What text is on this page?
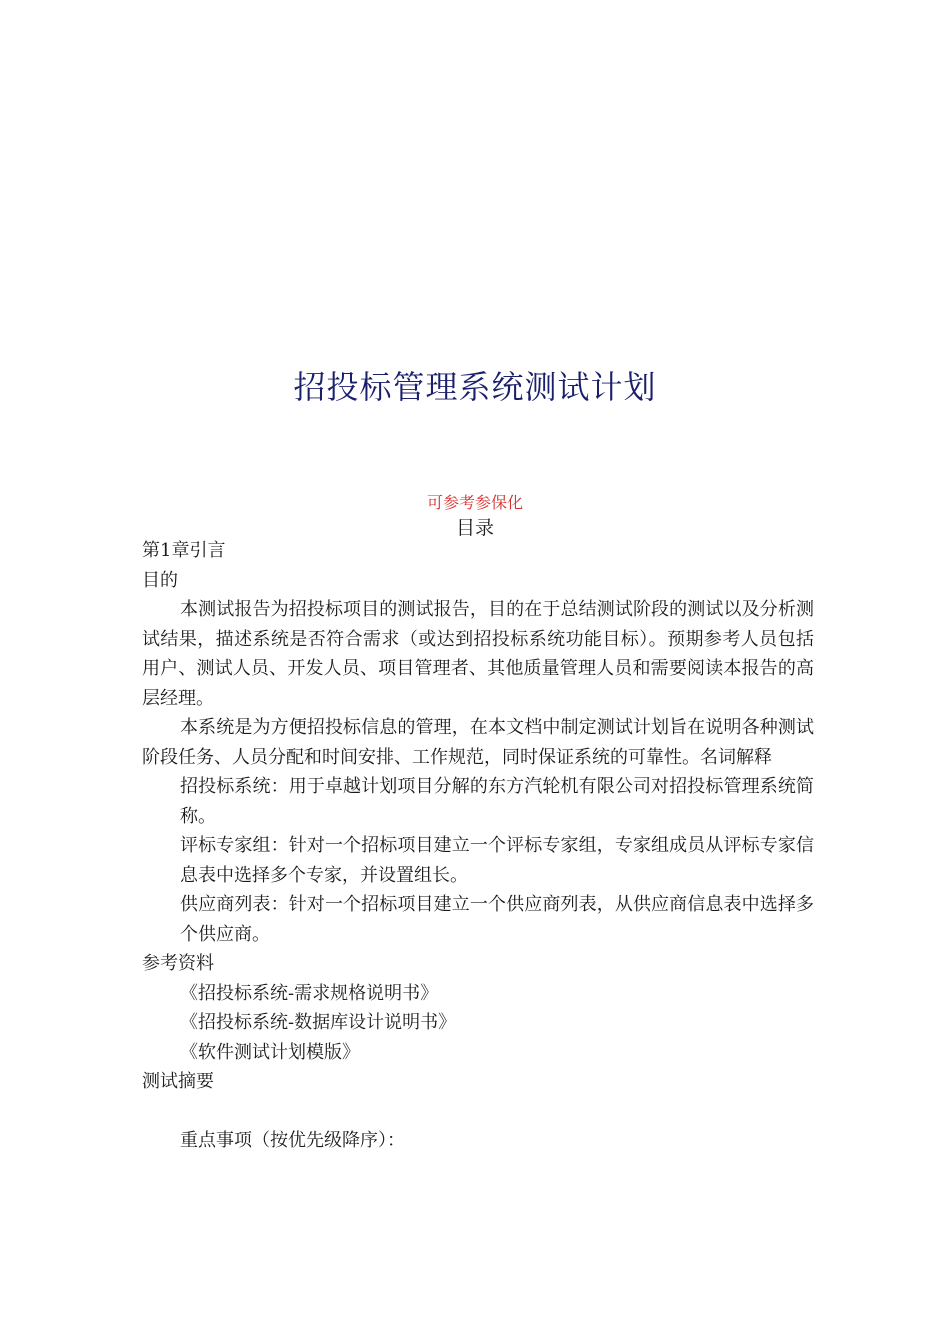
招投标管理系统测试计划
可参考参保化
目录

第1章引言

目的

本测试报告为招投标项目的测试报告，目的在于总结测试阶段的测试以及分析测试结果，描述系统是否符合需求（或达到招投标系统功能目标）。预期参考人员包括用户、测试人员、开发人员、项目管理者、其他质量管理人员和需要阅读本报告的高层经理。

本系统是为方便招投标信息的管理，在本文档中制定测试计划旨在说明各种测试阶段任务、人员分配和时间安排、工作规范，同时保证系统的可靠性。名词解释

招投标系统：用于卓越计划项目分解的东方汽轮机有限公司对招投标管理系统简称。

评标专家组：针对一个招标项目建立一个评标专家组，专家组成员从评标专家信息表中选择多个专家，并设置组长。

供应商列表：针对一个招标项目建立一个供应商列表，从供应商信息表中选择多个供应商。

参考资料

《招投标系统-需求规格说明书》

《招投标系统-数据库设计说明书》

《软件测试计划模版》

测试摘要

重点事项（按优先级降序）：
